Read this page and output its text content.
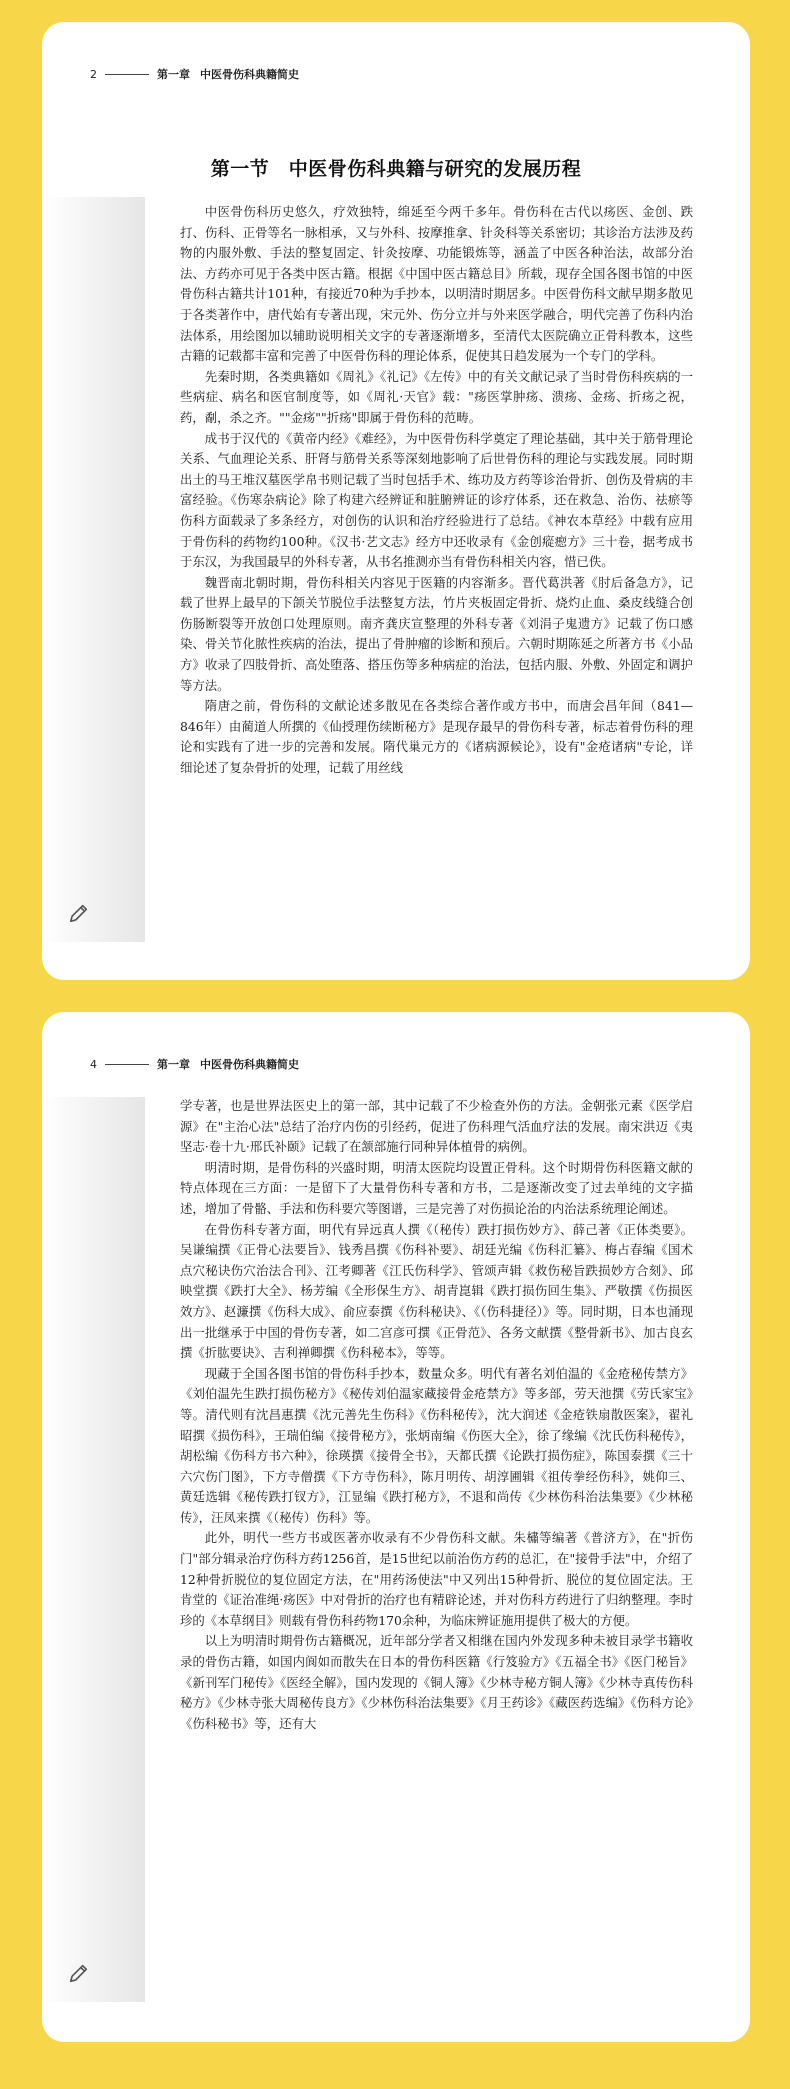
2	第一章 中医骨伤科典籍简史
第一节　中医骨伤科典籍与研究的发展历程

中医骨伤科历史悠久，疗效独特，绵延至今两千多年。骨伤科在古代以疡医、金创、跌打、伤科、正骨等名一脉相承，又与外科、按摩推拿、针灸科等关系密切；其诊治方法涉及药物的内服外敷、手法的整复固定、针灸按摩、功能锻炼等，涵盖了中医各种治法，故部分治法、方药亦可见于各类中医古籍。根据《中国中医古籍总目》所载，现存全国各图书馆的中医骨伤科古籍共计101种，有接近70种为手抄本，以明清时期居多。中医骨伤科文献早期多散见于各类著作中，唐代始有专著出现，宋元外、伤分立并与外来医学融合，明代完善了伤科内治法体系，用绘图加以辅助说明相关文字的专著逐渐增多，至清代太医院确立正骨科教本，这些古籍的记载都丰富和完善了中医骨伤科的理论体系，促使其日趋发展为一个专门的学科。

先秦时期，各类典籍如《周礼》《礼记》《左传》中的有关文献记录了当时骨伤科疾病的一些病症、病名和医官制度等，如《周礼·天官》载："疡医掌肿疡、溃疡、金疡、折疡之祝，药，劀，杀之齐。""金疡""折疡"即属于骨伤科的范畴。

成书于汉代的《黄帝内经》《难经》，为中医骨伤科学奠定了理论基础，其中关于筋骨理论关系、气血理论关系、肝肾与筋骨关系等深刻地影响了后世骨伤科的理论与实践发展。同时期出土的马王堆汉墓医学帛书则记载了当时包括手术、练功及方药等诊治骨折、创伤及骨病的丰富经验。《伤寒杂病论》除了构建六经辨证和脏腑辨证的诊疗体系，还在救急、治伤、祛瘀等伤科方面载录了多条经方，对创伤的认识和治疗经验进行了总结。《神农本草经》中载有应用于骨伤科的药物约100种。《汉书·艺文志》经方中还收录有《金创瘲瘛方》三十卷，据考成书于东汉，为我国最早的外科专著，从书名推测亦当有骨伤科相关内容，惜已佚。

魏晋南北朝时期，骨伤科相关内容见于医籍的内容渐多。晋代葛洪著《肘后备急方》，记载了世界上最早的下颌关节脱位手法整复方法，竹片夹板固定骨折、烧灼止血、桑皮线缝合创伤肠断裂等开放创口处理原则。南齐龚庆宣整理的外科专著《刘涓子鬼遗方》记载了伤口感染、骨关节化脓性疾病的治法，提出了骨肿瘤的诊断和预后。六朝时期陈延之所著方书《小品方》收录了四肢骨折、高处堕落、搭压伤等多种病症的治法，包括内服、外敷、外固定和调护等方法。

隋唐之前，骨伤科的文献论述多散见在各类综合著作或方书中，而唐会昌年间（841—846年）由蔺道人所撰的《仙授理伤续断秘方》是现存最早的骨伤科专著，标志着骨伤科的理论和实践有了进一步的完善和发展。隋代巢元方的《诸病源候论》，设有"金疮诸病"专论，详细论述了复杂骨折的处理，记载了用丝线

4	第一章 中医骨伤科典籍简史

学专著，也是世界法医史上的第一部，其中记载了不少检查外伤的方法。金朝张元素《医学启源》在"主治心法"总结了治疗内伤的引经药，促进了伤科理气活血疗法的发展。南宋洪迈《夷坚志·卷十九·邢氏补颐》记载了在颔部施行同种异体植骨的病例。

明清时期，是骨伤科的兴盛时期，明清太医院均设置正骨科。这个时期骨伤科医籍文献的特点体现在三方面：一是留下了大量骨伤科专著和方书，二是逐渐改变了过去单纯的文字描述，增加了骨骼、手法和伤科要穴等图谱，三是完善了对伤损论治的内治法系统理论阐述。

在骨伤科专著方面，明代有异远真人撰《（秘传）跌打损伤妙方》、薛己著《正体类要》。吴谦编撰《正骨心法要旨》、钱秀昌撰《伤科补要》、胡廷光编《伤科汇纂》、梅占春编《国术点穴秘诀伤穴治法合刊》、江考卿著《江氏伤科学》、管颂声辑《救伤秘旨跌损妙方合刻》、邱映堂撰《跌打大全》、杨芳编《全形保生方》、胡青崑辑《跌打损伤回生集》、严敬撰《伤损医效方》、赵濂撰《伤科大成》、俞应泰撰《伤科秘诀》、《（伤科捷径）》等。同时期，日本也涌现出一批继承于中国的骨伤专著，如二宫彦可撰《正骨范》、各务文献撰《整骨新书》、加古良玄撰《折肱要诀》、吉利禅卿撰《伤科秘本》，等等。

现藏于全国各图书馆的骨伤科手抄本，数量众多。明代有著名刘伯温的《金疮秘传禁方》《刘伯温先生跌打损伤秘方》《秘传刘伯温家藏接骨金疮禁方》等多部，劳天池撰《劳氏家宝》等。清代则有沈昌惠撰《沈元善先生伤科》《伤科秘传》，沈大润述《金疮铁扇散医案》，翟礼昭撰《损伤科》，王瑞伯编《接骨秘方》，张炳南编《伤医大全》，徐了缘编《沈氏伤科秘传》，胡松编《伤科方书六种》，徐瑛撰《接骨全书》，天都氏撰《论跌打损伤症》，陈国泰撰《三十六穴伤门图》，下方寺僧撰《下方寺伤科》，陈月明传、胡淳圃辑《祖传拳经伤科》，姚仰三、黄廷选辑《秘传跌打钗方》，江显编《跌打秘方》，不退和尚传《少林伤科治法集要》《少林秘传》，汪凤来撰《（秘传）伤科》等。

此外，明代一些方书或医著亦收录有不少骨伤科文献。朱橚等编著《普济方》，在"折伤门"部分辑录治疗伤科方药1256首，是15世纪以前治伤方药的总汇，在"接骨手法"中，介绍了12种骨折脱位的复位固定方法，在"用药汤使法"中又列出15种骨折、脱位的复位固定法。王肯堂的《证治准绳·疡医》中对骨折的治疗也有精辟论述，并对伤科方药进行了归纳整理。李时珍的《本草纲目》则载有骨伤科药物170余种，为临床辨证施用提供了极大的方便。

以上为明清时期骨伤古籍概况，近年部分学者又相继在国内外发现多种未被目录学书籍收录的骨伤古籍，如国内阆如而散失在日本的骨伤科医籍《行笈验方》《五福全书》《医门秘旨》《新刊军门秘传》《医经全解》，国内发现的《铜人簿》《少林寺秘方铜人簿》《少林寺真传伤科秘方》《少林寺张大周秘传良方》《少林伤科治法集要》《月王药诊》《藏医药选编》《伤科方论》《伤科秘书》等，还有大
